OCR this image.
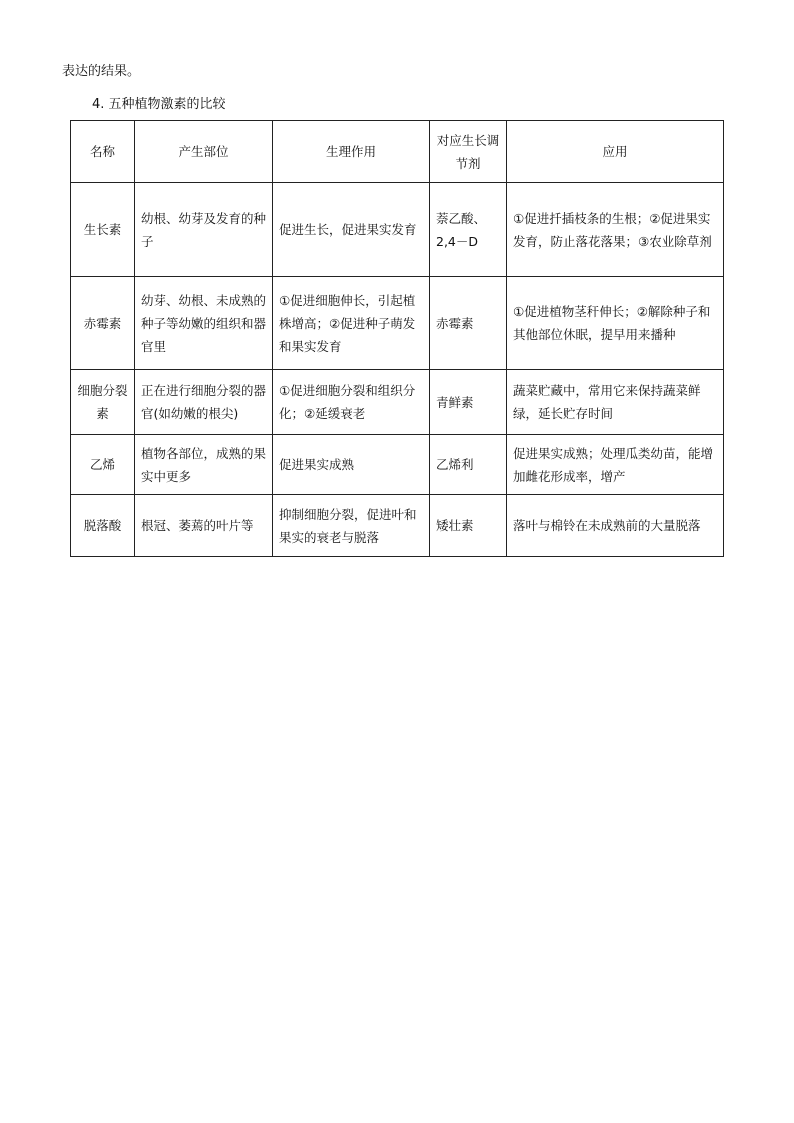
表达的结果。
4. 五种植物激素的比较
名称	产生部位	生理作用	对应生长调节剂	应用
生长素	幼根、幼芽及发育的种子	促进生长，促进果实发育	萘乙酸、2,4－D	①促进扦插枝条的生根；②促进果实发育，防止落花落果；③农业除草剂
赤霉素	幼芽、幼根、未成熟的种子等幼嫩的组织和器官里	①促进细胞伸长，引起植株增高；②促进种子萌发和果实发育	赤霉素	①促进植物茎秆伸长；②解除种子和其他部位休眠，提早用来播种
细胞分裂素	正在进行细胞分裂的器官(如幼嫩的根尖)	①促进细胞分裂和组织分化；②延缓衰老	青鲜素	蔬菜贮藏中，常用它来保持蔬菜鲜绿，延长贮存时间
乙烯	植物各部位，成熟的果实中更多	促进果实成熟	乙烯利	促进果实成熟；处理瓜类幼苗，能增加雌花形成率，增产
脱落酸	根冠、萎蔫的叶片等	抑制细胞分裂，促进叶和果实的衰老与脱落	矮壮素	落叶与棉铃在未成熟前的大量脱落
